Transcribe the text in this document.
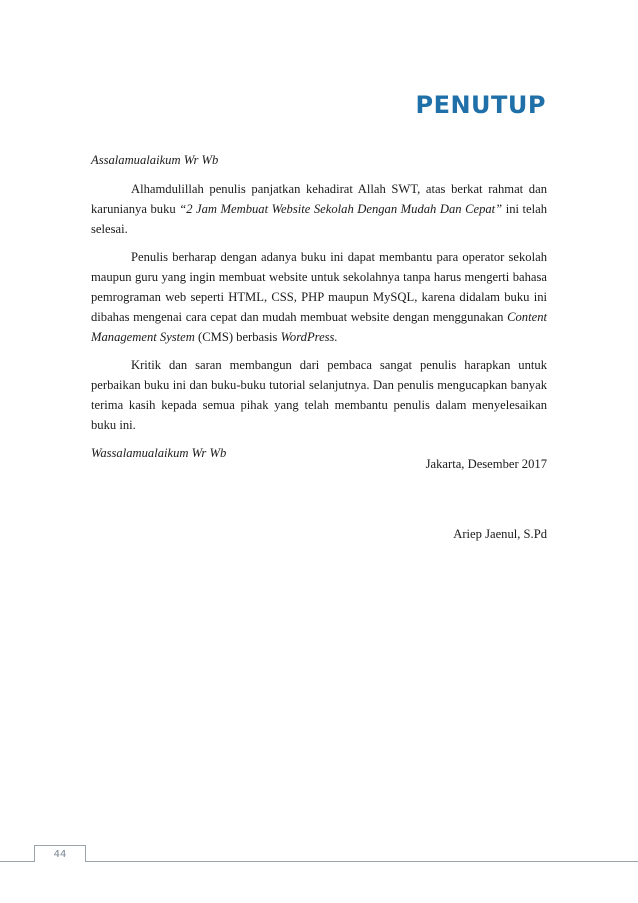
PENUTUP

Assalamualaikum Wr Wb

Alhamdulillah penulis panjatkan kehadirat Allah SWT, atas berkat rahmat dan karunianya buku “2 Jam Membuat Website Sekolah Dengan Mudah Dan Cepat” ini telah selesai.

Penulis berharap dengan adanya buku ini dapat membantu para operator sekolah maupun guru yang ingin membuat website untuk sekolahnya tanpa harus mengerti bahasa pemrograman web seperti HTML, CSS, PHP maupun MySQL, karena didalam buku ini dibahas mengenai cara cepat dan mudah membuat website dengan menggunakan Content Management System (CMS) berbasis WordPress.

Kritik dan saran membangun dari pembaca sangat penulis harapkan untuk perbaikan buku ini dan buku-buku tutorial selanjutnya. Dan penulis mengucapkan banyak terima kasih kepada semua pihak yang telah membantu penulis dalam menyelesaikan buku ini.

Wassalamualaikum Wr Wb

Jakarta, Desember 2017
Ariep Jaenul, S.Pd
44
